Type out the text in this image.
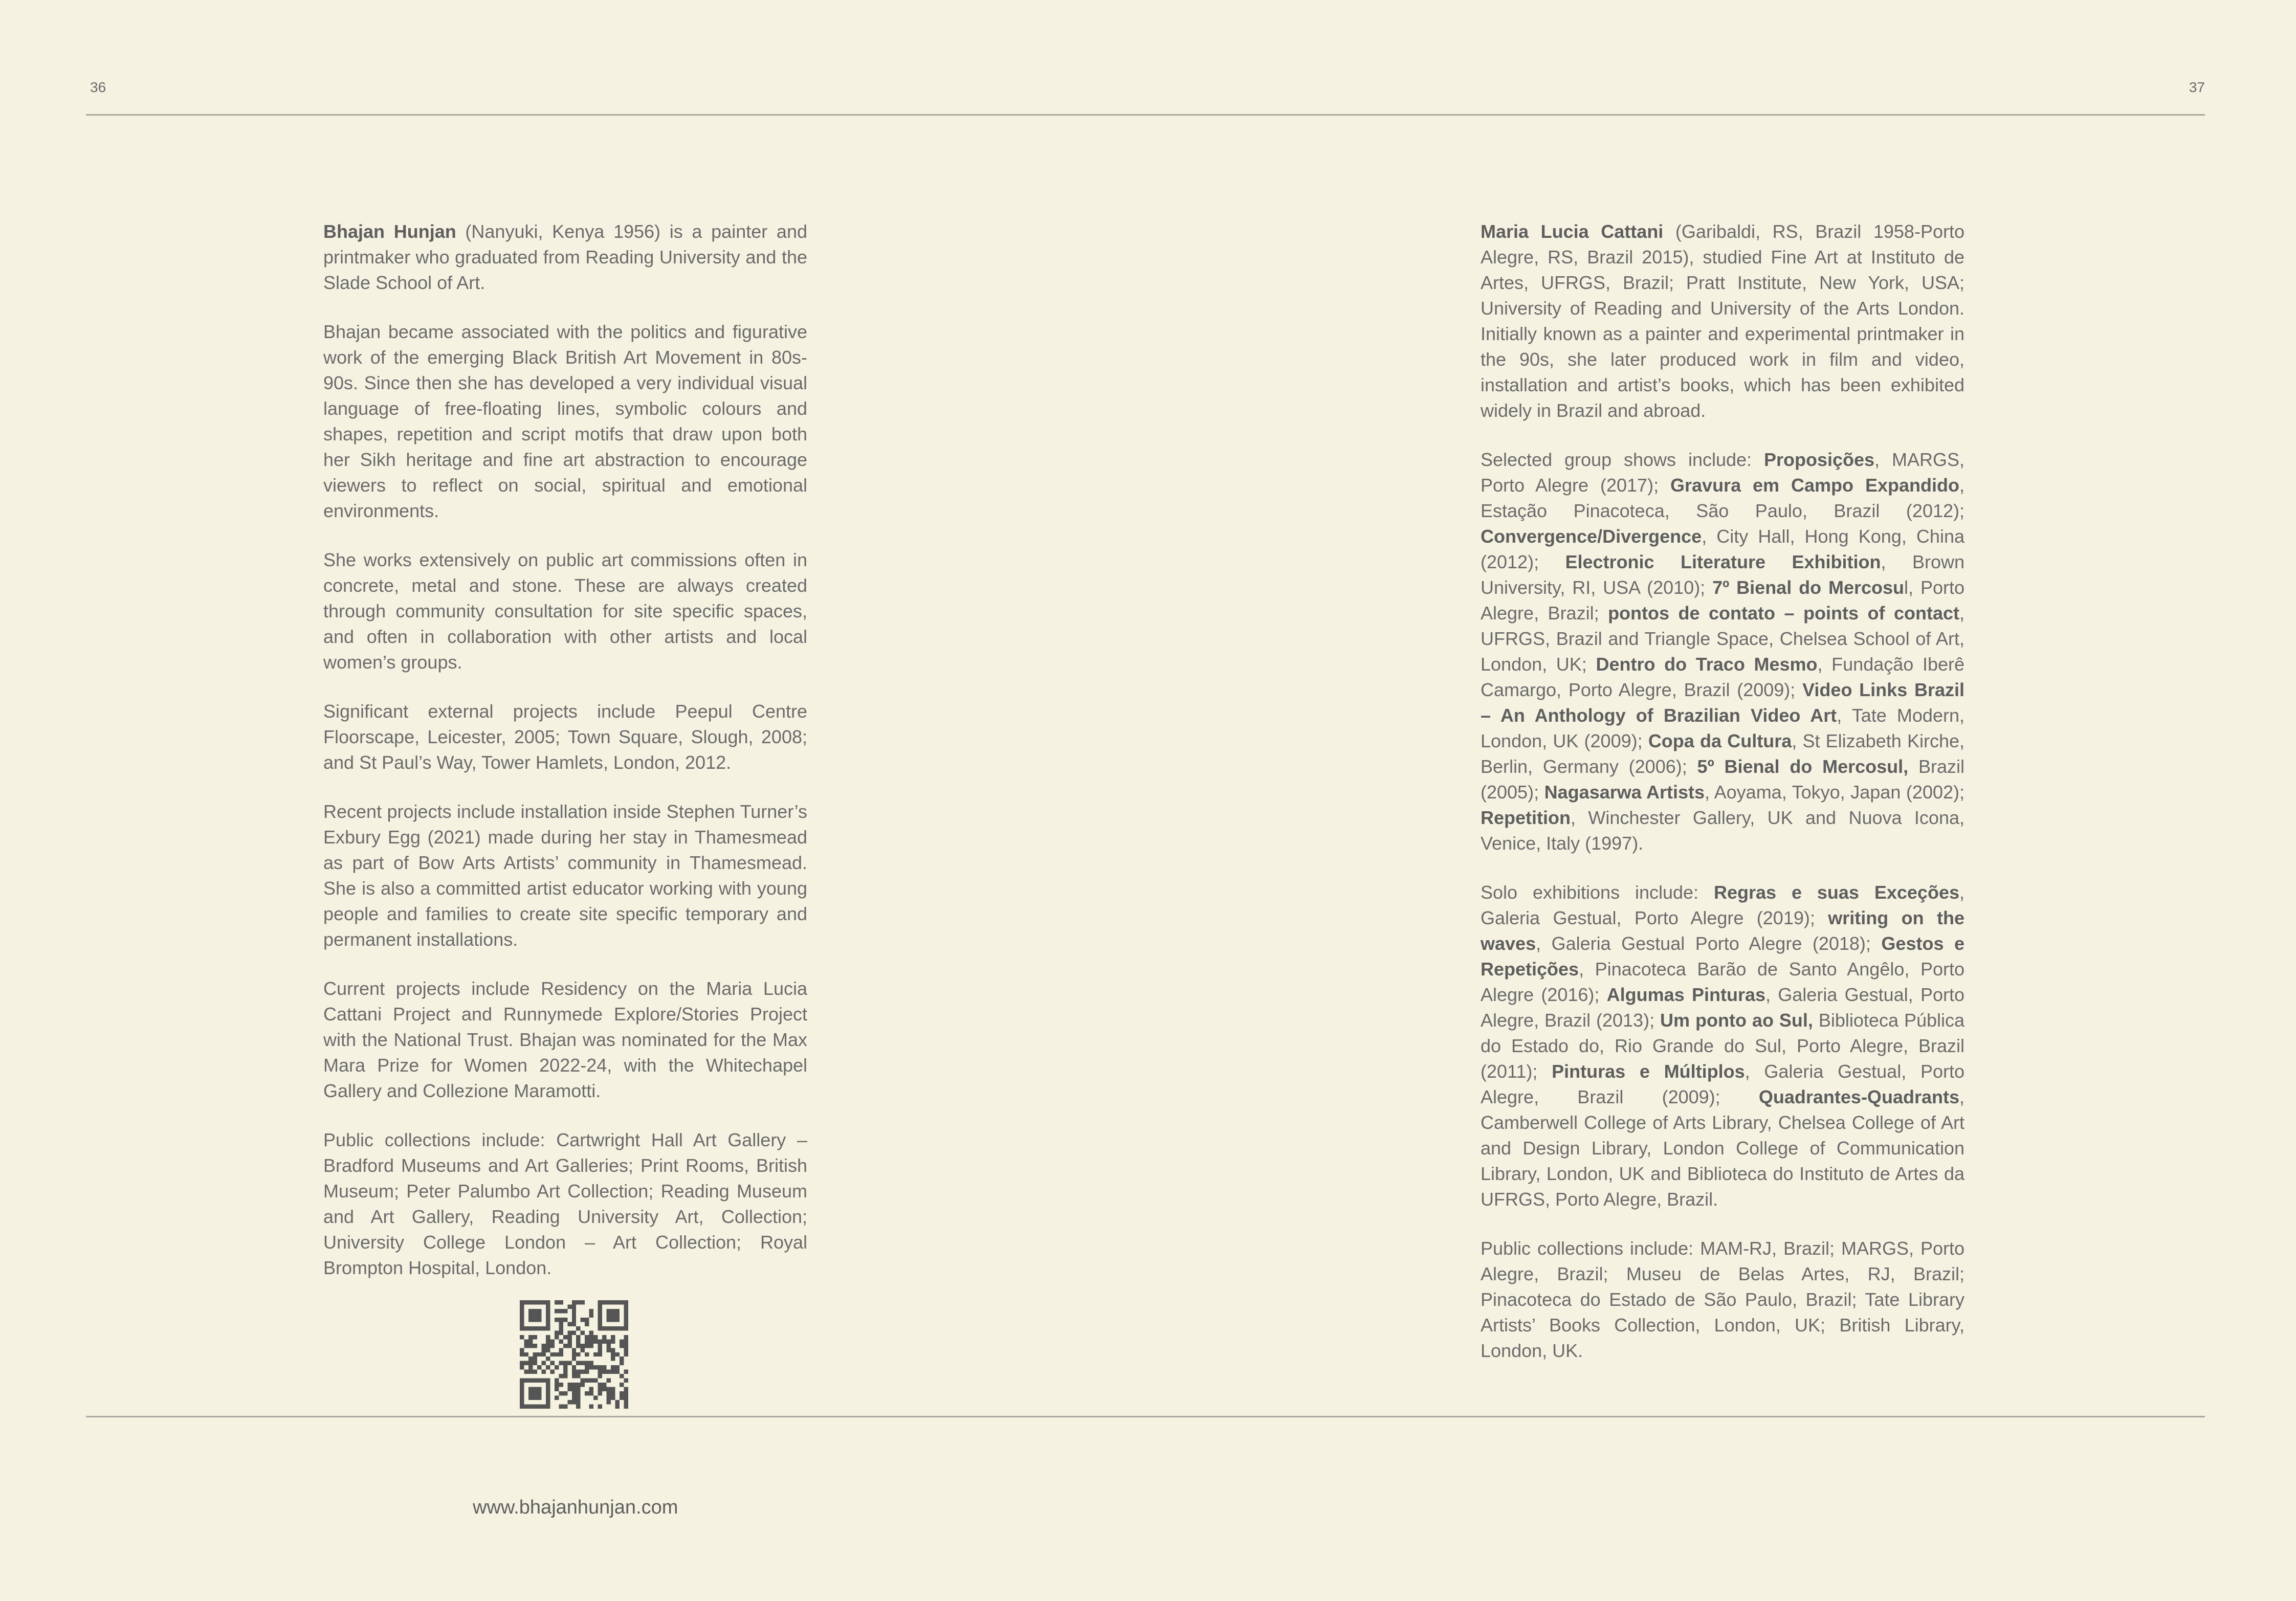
36	37

Bhajan Hunjan (Nanyuki, Kenya 1956) is a painter and printmaker who graduated from Reading University and the Slade School of Art.

Bhajan became associated with the politics and figurative work of the emerging Black British Art Movement in 80s-90s. Since then she has developed a very individual visual language of free-floating lines, symbolic colours and shapes, repetition and script motifs that draw upon both her Sikh heritage and fine art abstraction to encourage viewers to reflect on social, spiritual and emotional environments.

She works extensively on public art commissions often in concrete, metal and stone. These are always created through community consultation for site specific spaces, and often in collaboration with other artists and local women’s groups.

Significant external projects include Peepul Centre Floorscape, Leicester, 2005; Town Square, Slough, 2008; and St Paul’s Way, Tower Hamlets, London, 2012.

Recent projects include installation inside Stephen Turner’s Exbury Egg (2021) made during her stay in Thamesmead as part of Bow Arts Artists’ community in Thamesmead. She is also a committed artist educator working with young people and families to create site specific temporary and permanent installations.

Current projects include Residency on the Maria Lucia Cattani Project and Runnymede Explore/Stories Project with the National Trust. Bhajan was nominated for the Max Mara Prize for Women 2022-24, with the Whitechapel Gallery and Collezione Maramotti.

Public collections include: Cartwright Hall Art Gallery – Bradford Museums and Art Galleries; Print Rooms, British Museum; Peter Palumbo Art Collection; Reading Museum and Art Gallery, Reading University Art, Collection; University College London – Art Collection; Royal Brompton Hospital, London.

Maria Lucia Cattani (Garibaldi, RS, Brazil 1958-Porto Alegre, RS, Brazil 2015), studied Fine Art at Instituto de Artes, UFRGS, Brazil; Pratt Institute, New York, USA; University of Reading and University of the Arts London. Initially known as a painter and experimental printmaker in the 90s, she later produced work in film and video, installation and artist’s books, which has been exhibited widely in Brazil and abroad.

Selected group shows include: Proposições, MARGS, Porto Alegre (2017); Gravura em Campo Expandido, Estação Pinacoteca, São Paulo, Brazil (2012); Convergence/Divergence, City Hall, Hong Kong, China (2012); Electronic Literature Exhibition, Brown University, RI, USA (2010); 7º Bienal do Mercosul, Porto Alegre, Brazil; pontos de contato – points of contact, UFRGS, Brazil and Triangle Space, Chelsea School of Art, London, UK; Dentro do Traco Mesmo, Fundação Iberê Camargo, Porto Alegre, Brazil (2009); Video Links Brazil – An Anthology of Brazilian Video Art, Tate Modern, London, UK (2009); Copa da Cultura, St Elizabeth Kirche, Berlin, Germany (2006); 5º Bienal do Mercosul, Brazil (2005); Nagasarwa Artists, Aoyama, Tokyo, Japan (2002); Repetition, Winchester Gallery, UK and Nuova Icona, Venice, Italy (1997).

Solo exhibitions include: Regras e suas Exceções, Galeria Gestual, Porto Alegre (2019); writing on the waves, Galeria Gestual Porto Alegre (2018); Gestos e Repetições, Pinacoteca Barão de Santo Angêlo, Porto Alegre (2016); Algumas Pinturas, Galeria Gestual, Porto Alegre, Brazil (2013); Um ponto ao Sul, Biblioteca Pública do Estado do, Rio Grande do Sul, Porto Alegre, Brazil (2011); Pinturas e Múltiplos, Galeria Gestual, Porto Alegre, Brazil (2009); Quadrantes-Quadrants, Camberwell College of Arts Library, Chelsea College of Art and Design Library, London College of Communication Library, London, UK and Biblioteca do Instituto de Artes da UFRGS, Porto Alegre, Brazil.

Public collections include: MAM-RJ, Brazil; MARGS, Porto Alegre, Brazil; Museu de Belas Artes, RJ, Brazil; Pinacoteca do Estado de São Paulo, Brazil; Tate Library Artists’ Books Collection, London, UK; British Library, London, UK.

www.bhajanhunjan.com
